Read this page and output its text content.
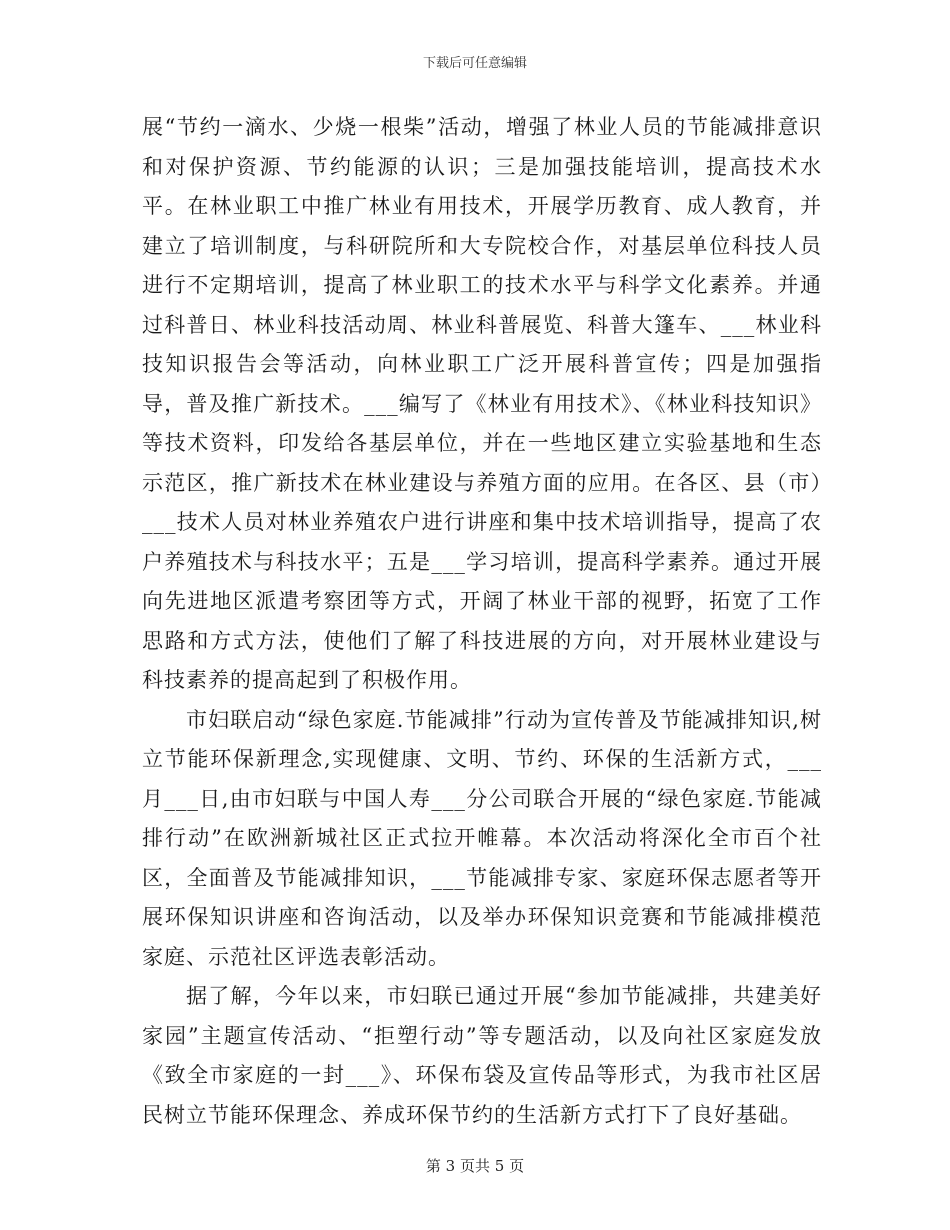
下载后可任意编辑

展“节约一滴水、少烧一根柴”活动，增强了林业人员的节能减排意识和对保护资源、节约能源的认识；三是加强技能培训，提高技术水平。在林业职工中推广林业有用技术，开展学历教育、成人教育，并建立了培训制度，与科研院所和大专院校合作，对基层单位科技人员进行不定期培训，提高了林业职工的技术水平与科学文化素养。并通过科普日、林业科技活动周、林业科普展览、科普大篷车、___林业科技知识报告会等活动，向林业职工广泛开展科普宣传；四是加强指导，普及推广新技术。___编写了《林业有用技术》、《林业科技知识》等技术资料，印发给各基层单位，并在一些地区建立实验基地和生态示范区，推广新技术在林业建设与养殖方面的应用。在各区、县（市）___技术人员对林业养殖农户进行讲座和集中技术培训指导，提高了农户养殖技术与科技水平；五是___学习培训，提高科学素养。通过开展向先进地区派遣考察团等方式，开阔了林业干部的视野，拓宽了工作思路和方式方法，使他们了解了科技进展的方向，对开展林业建设与科技素养的提高起到了积极作用。

市妇联启动“绿色家庭.节能减排”行动为宣传普及节能减排知识,树立节能环保新理念,实现健康、文明、节约、环保的生活新方式，___月___日,由市妇联与中国人寿___分公司联合开展的“绿色家庭.节能减排行动”在欧洲新城社区正式拉开帷幕。本次活动将深化全市百个社区，全面普及节能减排知识，___节能减排专家、家庭环保志愿者等开展环保知识讲座和咨询活动，以及举办环保知识竞赛和节能减排模范家庭、示范社区评选表彰活动。

据了解，今年以来，市妇联已通过开展“参加节能减排，共建美好家园”主题宣传活动、“拒塑行动”等专题活动，以及向社区家庭发放《致全市家庭的一封___》、环保布袋及宣传品等形式，为我市社区居民树立节能环保理念、养成环保节约的生活新方式打下了良好基础。

第 3 页共 5 页
